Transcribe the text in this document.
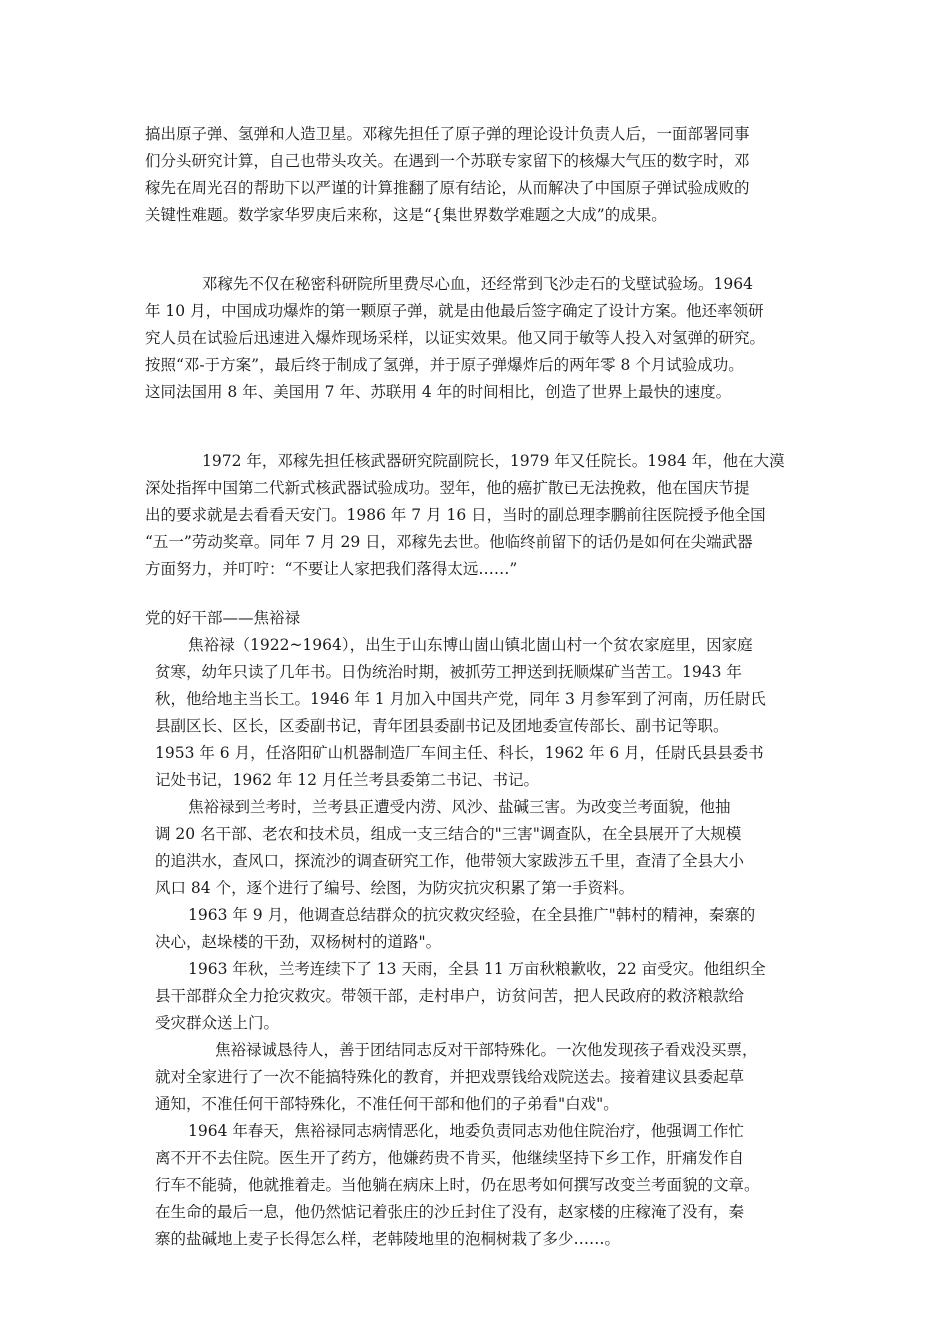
搞出原子弹、氢弹和人造卫星。邓稼先担任了原子弹的理论设计负责人后，一面部署同事
们分头研究计算，自己也带头攻关。在遇到一个苏联专家留下的核爆大气压的数字时，邓
稼先在周光召的帮助下以严谨的计算推翻了原有结论，从而解决了中国原子弹试验成败的
关键性难题。数学家华罗庚后来称，这是“{集世界数学难题之大成”的成果。
邓稼先不仅在秘密科研院所里费尽心血，还经常到飞沙走石的戈壁试验场。1964
年 10 月，中国成功爆炸的第一颗原子弹，就是由他最后签字确定了设计方案。他还率领研
究人员在试验后迅速进入爆炸现场采样，以证实效果。他又同于敏等人投入对氢弹的研究。
按照“邓-于方案”，最后终于制成了氢弹，并于原子弹爆炸后的两年零 8 个月试验成功。
这同法国用 8 年、美国用 7 年、苏联用 4 年的时间相比，创造了世界上最快的速度。
1972 年，邓稼先担任核武器研究院副院长，1979 年又任院长。1984 年，他在大漠
深处指挥中国第二代新式核武器试验成功。翌年，他的癌扩散已无法挽救，他在国庆节提
出的要求就是去看看天安门。1986 年 7 月 16 日，当时的副总理李鹏前往医院授予他全国
“五一”劳动奖章。同年 7 月 29 日，邓稼先去世。他临终前留下的话仍是如何在尖端武器
方面努力，并叮咛：“不要让人家把我们落得太远……”
党的好干部——焦裕禄
焦裕禄（1922~1964），出生于山东博山崮山镇北崮山村一个贫农家庭里，因家庭
贫寒，幼年只读了几年书。日伪统治时期，被抓劳工押送到抚顺煤矿当苦工。1943 年
秋，他给地主当长工。1946 年 1 月加入中国共产党，同年 3 月参军到了河南，历任尉氏
县副区长、区长，区委副书记，青年团县委副书记及团地委宣传部长、副书记等职。
1953 年 6 月，任洛阳矿山机器制造厂车间主任、科长，1962 年 6 月，任尉氏县县委书
记处书记，1962 年 12 月任兰考县委第二书记、书记。
焦裕禄到兰考时，兰考县正遭受内涝、风沙、盐碱三害。为改变兰考面貌，他抽
调 20 名干部、老农和技术员，组成一支三结合的"三害"调查队，在全县展开了大规模
的追洪水，查风口，探流沙的调查研究工作，他带领大家跋涉五千里，查清了全县大小
风口 84 个，逐个进行了编号、绘图，为防灾抗灾积累了第一手资料。
1963 年 9 月，他调查总结群众的抗灾救灾经验，在全县推广"韩村的精神，秦寨的
决心，赵垛楼的干劲，双杨树村的道路"。
1963 年秋，兰考连续下了 13 天雨，全县 11 万亩秋粮歉收，22 亩受灾。他组织全
县干部群众全力抢灾救灾。带领干部，走村串户，访贫问苦，把人民政府的救济粮款给
受灾群众送上门。
焦裕禄诚恳待人，善于团结同志反对干部特殊化。一次他发现孩子看戏没买票，
就对全家进行了一次不能搞特殊化的教育，并把戏票钱给戏院送去。接着建议县委起草
通知，不准任何干部特殊化，不准任何干部和他们的子弟看"白戏"。
1964 年春天，焦裕禄同志病情恶化，地委负责同志劝他住院治疗，他强调工作忙
离不开不去住院。医生开了药方，他嫌药贵不肯买，他继续坚持下乡工作，肝痛发作自
行车不能骑，他就推着走。当他躺在病床上时，仍在思考如何撰写改变兰考面貌的文章。
在生命的最后一息，他仍然惦记着张庄的沙丘封住了没有，赵家楼的庄稼淹了没有，秦
寨的盐碱地上麦子长得怎么样，老韩陵地里的泡桐树栽了多少……。
